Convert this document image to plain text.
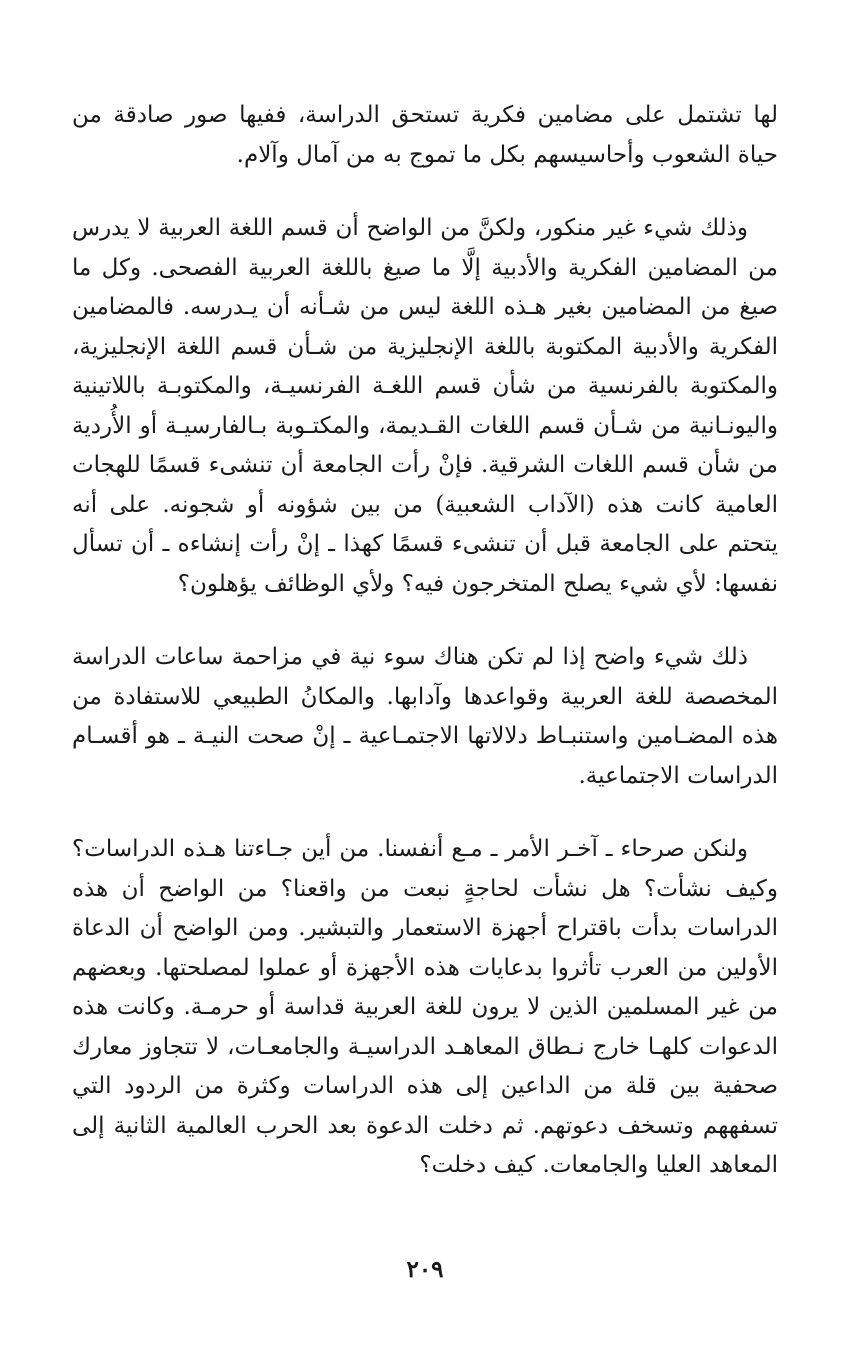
لها تشتمل على مضامين فكرية تستحق الدراسة، ففيها صور صادقة من حياة الشعوب وأحاسيسهم بكل ما تموج به من آمال وآلام.

وذلك شيء غير منكور، ولكنَّ من الواضح أن قسم اللغة العربية لا يدرس من المضامين الفكرية والأدبية إلَّا ما صيغ باللغة العربية الفصحى. وكل ما صيغ من المضامين بغير هـذه اللغة ليس من شـأنه أن يـدرسه. فالمضامين الفكرية والأدبية المكتوبة باللغة الإنجليزية من شـأن قسم اللغة الإنجليزية، والمكتوبة بالفرنسية من شأن قسم اللغـة الفرنسيـة، والمكتوبـة باللاتينية واليونـانية من شـأن قسم اللغات القـديمة، والمكتـوبة بـالفارسيـة أو الأُردية من شأن قسم اللغات الشرقية. فإنْ رأت الجامعة أن تنشىء قسمًا للهجات العامية كانت هذه (الآداب الشعبية) من بين شؤونه أو شجونه. على أنه يتحتم على الجامعة قبل أن تنشىء قسمًا كهذا ـ إنْ رأت إنشاءه ـ أن تسأل نفسها: لأي شيء يصلح المتخرجون فيه؟ ولأي الوظائف يؤهلون؟

ذلك شيء واضح إذا لم تكن هناك سوء نية في مزاحمة ساعات الدراسة المخصصة للغة العربية وقواعدها وآدابها. والمكانُ الطبيعي للاستفادة من هذه المضـامين واستنبـاط دلالاتها الاجتمـاعية ـ إنْ صحت النيـة ـ هو أقسـام الدراسات الاجتماعية.

ولنكن صرحاء ـ آخـر الأمر ـ مـع أنفسنا. من أين جـاءتنا هـذه الدراسات؟ وكيف نشأت؟ هل نشأت لحاجةٍ نبعت من واقعنا؟ من الواضح أن هذه الدراسات بدأت باقتراح أجهزة الاستعمار والتبشير. ومن الواضح أن الدعاة الأولين من العرب تأثروا بدعايات هذه الأجهزة أو عملوا لمصلحتها. وبعضهم من غير المسلمين الذين لا يرون للغة العربية قداسة أو حرمـة. وكانت هذه الدعوات كلهـا خارج نـطاق المعاهـد الدراسيـة والجامعـات، لا تتجاوز معارك صحفية بين قلة من الداعين إلى هذه الدراسات وكثرة من الردود التي تسفههم وتسخف دعوتهم. ثم دخلت الدعوة بعد الحرب العالمية الثانية إلى المعاهد العليا والجامعات. كيف دخلت؟

٢٠٩
